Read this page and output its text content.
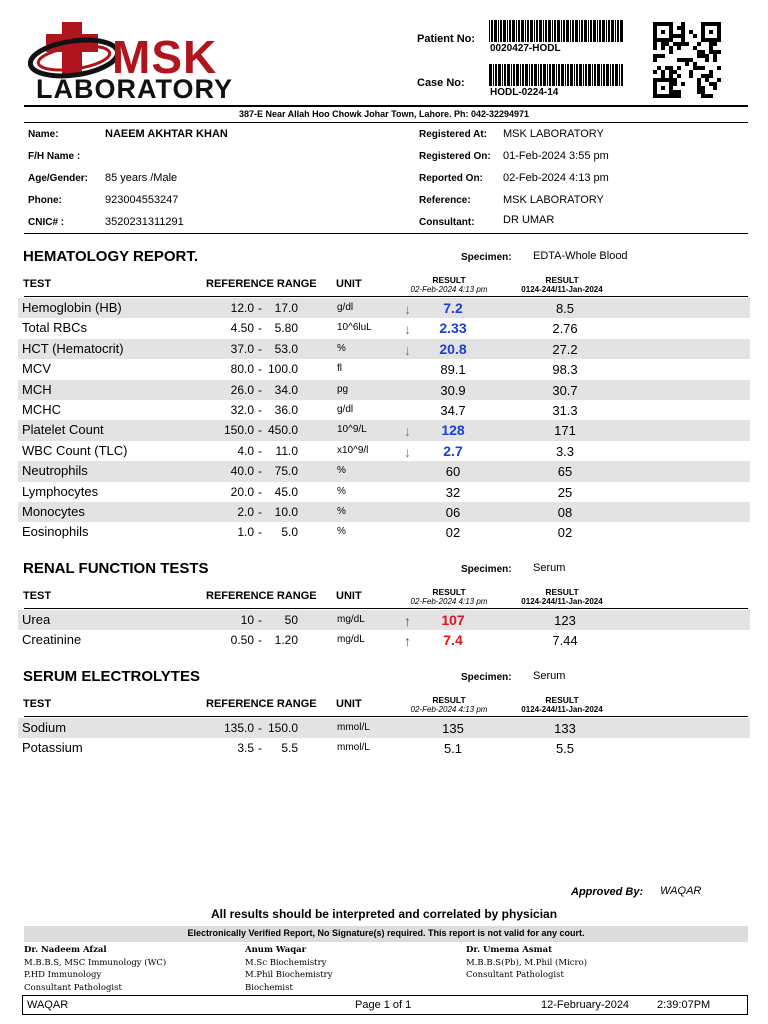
MSK
LABORATORY
Patient No:
0020427-HODL
Case No:
HODL-0224-14
387-E Near Allah Hoo Chowk Johar Town, Lahore. Ph: 042-32294971
Name:	NAEEM AKHTAR KHAN
F/H Name :
Age/Gender: 85 years /Male
Phone:	923004553247
CNIC# :	3520231311291
Registered At: MSK LABORATORY
Registered On: 01-Feb-2024 3:55 pm
Reported On: 02-Feb-2024 4:13 pm
Reference:	MSK LABORATORY
Consultant:	DR UMAR
HEMATOLOGY REPORT.	Specimen: EDTA-Whole Blood
TEST	REFERENCE RANGE UNIT	RESULT
02-Feb-2024 4:13 pm
RESULT
0124-244/11-Jan-2024
Hemoglobin (HB)	12.0 -	17.0	g/dl	↓	7.2	8.5
Total RBCs	4.50 -	5.80	10^6luL ↓	2.33	2.76
HCT (Hematocrit)	37.0 -	53.0	%	↓	20.8	27.2
MCV	80.0 - 100.0	fl	89.1	98.3
MCH	26.0 -	34.0	pg	30.9	30.7
MCHC	32.0 -	36.0	g/dl	34.7	31.3
Platelet Count	150.0 - 450.0	10^9/L	↓	128	171
WBC Count (TLC)	4.0 -	11.0	x10^9/l	↓	2.7	3.3
Neutrophils	40.0 -	75.0	%	60	65
Lymphocytes	20.0 -	45.0	%	32	25
Monocytes	2.0 -	10.0	%	06	08
Eosinophils	1.0 -	5.0	%	02	02
RENAL FUNCTION TESTS	Specimen: Serum
TEST	REFERENCE RANGE UNIT	RESULT
02-Feb-2024 4:13 pm
RESULT
0124-244/11-Jan-2024
Urea	10 -	50	mg/dL	↑	107	123
Creatinine	0.50 -	1.20	mg/dL	↑	7.4	7.44
SERUM ELECTROLYTES	Specimen: Serum
TEST	REFERENCE RANGE UNIT	RESULT
02-Feb-2024 4:13 pm
RESULT
0124-244/11-Jan-2024
Sodium	135.0 - 150.0	mmol/L	135	133
Potassium	3.5 -	5.5	mmol/L	5.1	5.5
Approved By: WAQAR
All results should be interpreted and correlated by physician
Electronically Verified Report, No Signature(s) required. This report is not valid for any court.
Dr. Nadeem Afzal
M.B.B.S, MSC Immunology (WC)
P.HD Immunology
Consultant Pathologist
Anum Waqar
M.Sc Biochemistry
M.Phil Biochemistry
Biochemist
Dr. Umema Asmat
M.B.B.S(Pb), M.Phil (Micro)
Consultant Pathologist
WAQAR	Page 1 of 1	12-February-2024	2:39:07PM
